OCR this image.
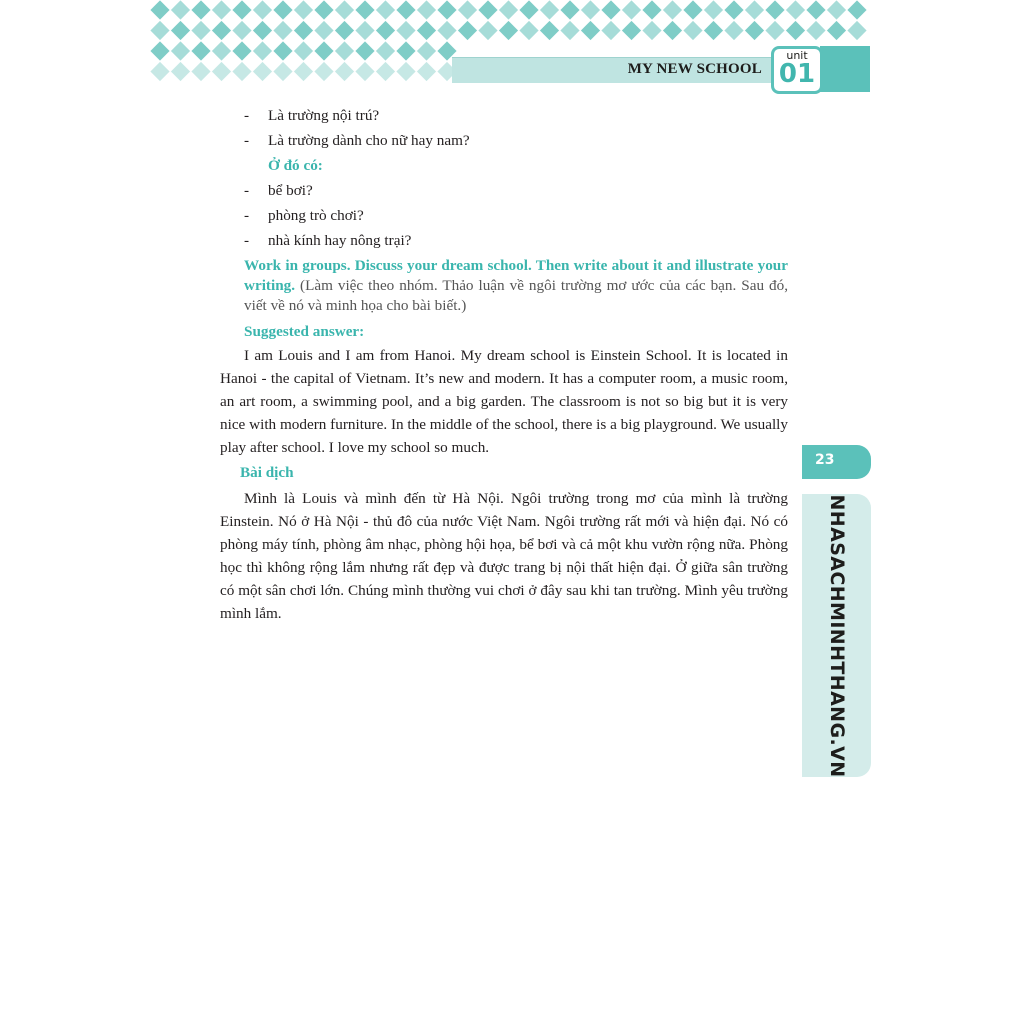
MY NEW SCHOOL
unit
01
- Là trường nội trú?
- Là trường dành cho nữ hay nam?
Ở đó có:
- bể bơi?
- phòng trò chơi?
- nhà kính hay nông trại?
Work in groups. Discuss your dream school. Then write about it and illustrate your writing. (Làm việc theo nhóm. Thảo luận về ngôi trường mơ ước của các bạn. Sau đó, viết về nó và minh họa cho bài biết.)
Suggested answer:

I am Louis and I am from Hanoi. My dream school is Einstein School. It is located in Hanoi - the capital of Vietnam. It’s new and modern. It has a computer room, a music room, an art room, a swimming pool, and a big garden. The classroom is not so big but it is very nice with modern furniture. In the middle of the school, there is a big playground. We usually play after school. I love my school so much.

Bài dịch

Mình là Louis và mình đến từ Hà Nội. Ngôi trường trong mơ của mình là trường Einstein. Nó ở Hà Nội - thủ đô của nước Việt Nam. Ngôi trường rất mới và hiện đại. Nó có phòng máy tính, phòng âm nhạc, phòng hội họa, bể bơi và cả một khu vườn rộng nữa. Phòng học thì không rộng lắm nhưng rất đẹp và được trang bị nội thất hiện đại. Ở giữa sân trường có một sân chơi lớn. Chúng mình thường vui chơi ở đây sau khi tan trường. Mình yêu trường mình lắm.

23
NHASACHMINHTHANG.VN
